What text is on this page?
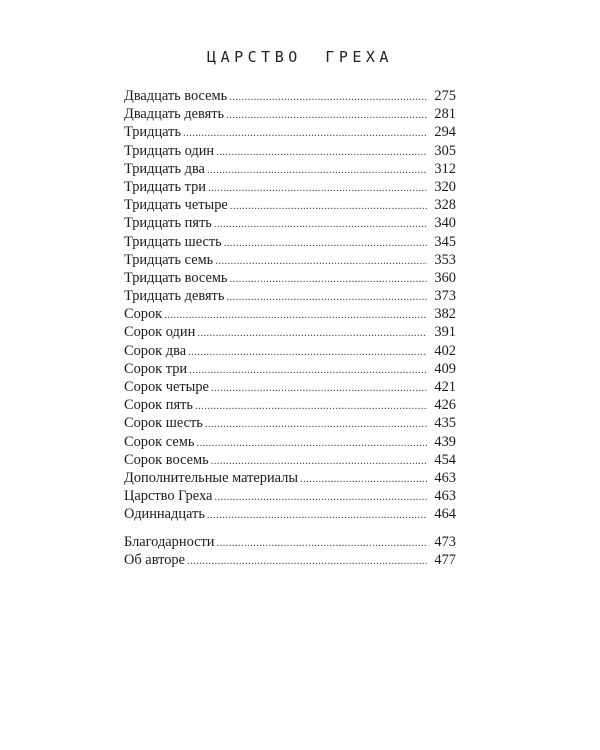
ЦАРСТВО ГРЕХА
Двадцать восемь .....	275
Двадцать девять .....	281
Тридцать .....	294
Тридцать один .....	305
Тридцать два .....	312
Тридцать три .....	320
Тридцать четыре .....	328
Тридцать пять .....	340
Тридцать шесть .....	345
Тридцать семь .....	353
Тридцать восемь .....	360
Тридцать девять .....	373
Сорок .....	382
Сорок один .....	391
Сорок два .....	402
Сорок три .....	409
Сорок четыре .....	421
Сорок пять .....	426
Сорок шесть .....	435
Сорок семь .....	439
Сорок восемь .....	454
Дополнительные материалы .....	463
Царство Греха .....	463
Одиннадцать .....	464
Благодарности .....	473
Об авторе .....	477
